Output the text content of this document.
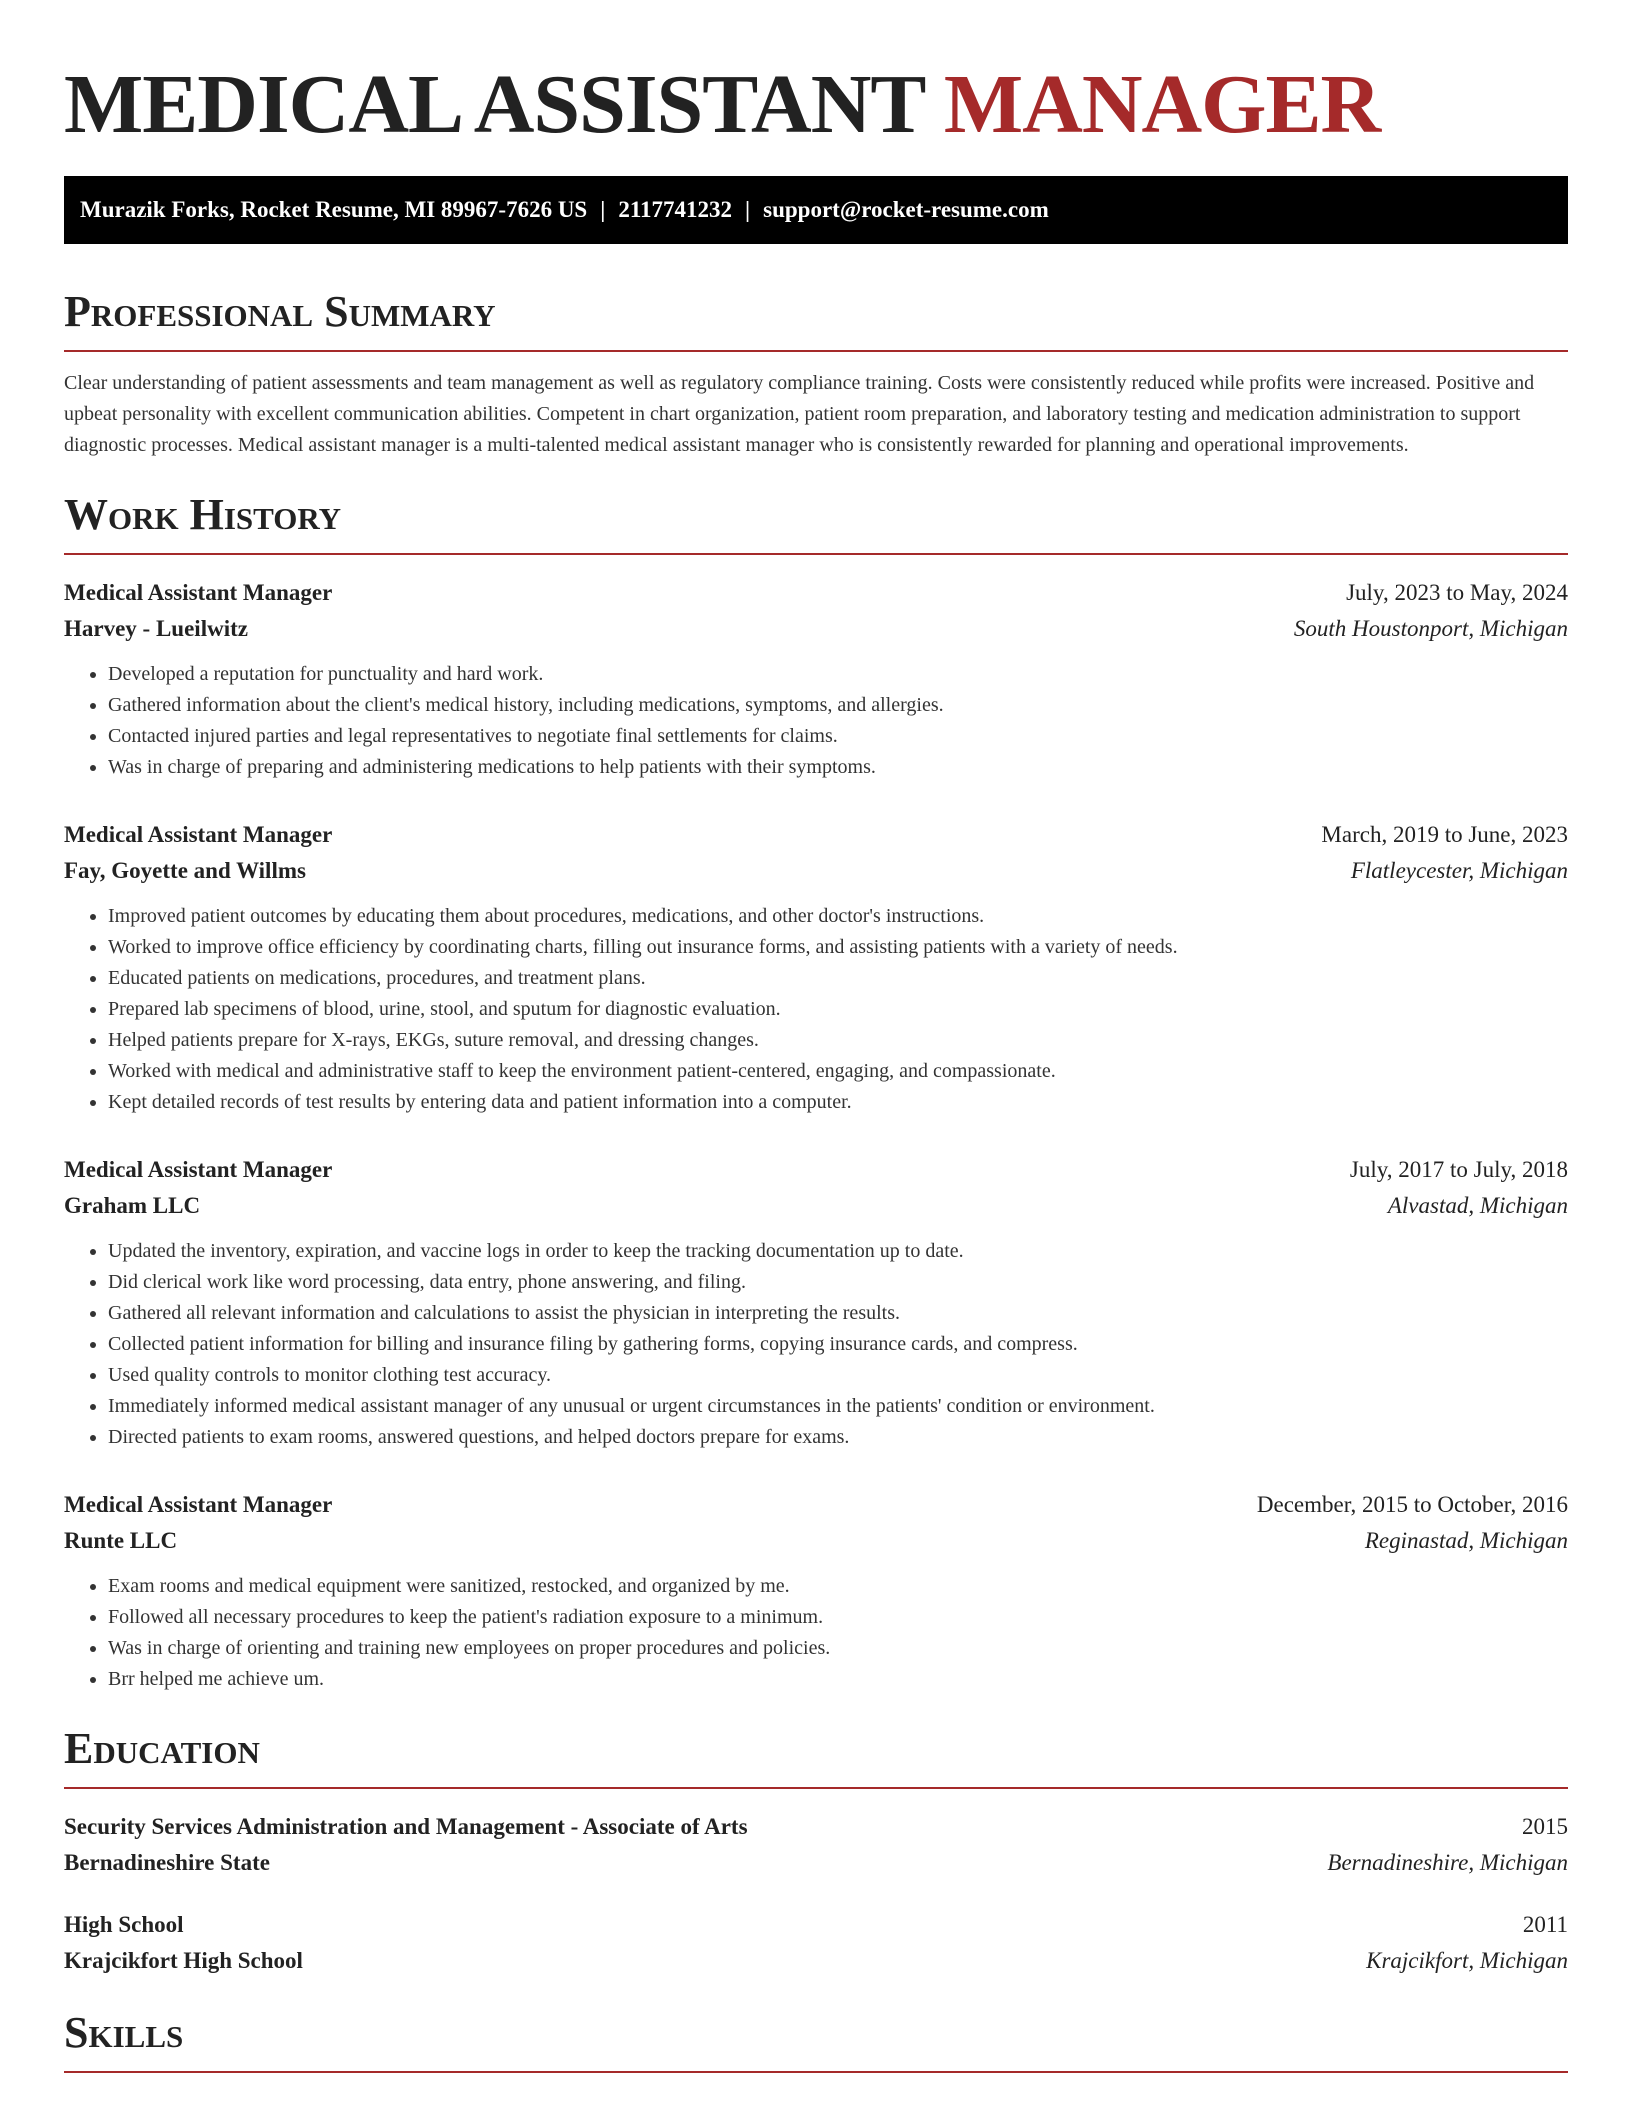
MEDICAL ASSISTANT MANAGER
Murazik Forks, Rocket Resume, MI 89967-7626 US | 2117741232 | support@rocket-resume.com
Professional Summary

Clear understanding of patient assessments and team management as well as regulatory compliance training. Costs were consistently reduced while profits were increased. Positive and upbeat personality with excellent communication abilities. Competent in chart organization, patient room preparation, and laboratory testing and medication administration to support diagnostic processes. Medical assistant manager is a multi-talented medical assistant manager who is consistently rewarded for planning and operational improvements.

Work History
Medical Assistant Manager	July, 2023 to May, 2024
Harvey - Lueilwitz	South Houstonport, Michigan
• Developed a reputation for punctuality and hard work.
• Gathered information about the client's medical history, including medications, symptoms, and allergies.
• Contacted injured parties and legal representatives to negotiate final settlements for claims.
• Was in charge of preparing and administering medications to help patients with their symptoms.
Medical Assistant Manager	March, 2019 to June, 2023
Fay, Goyette and Willms	Flatleycester, Michigan
• Improved patient outcomes by educating them about procedures, medications, and other doctor's instructions.
• Worked to improve office efficiency by coordinating charts, filling out insurance forms, and assisting patients with a variety of needs.
• Educated patients on medications, procedures, and treatment plans.
• Prepared lab specimens of blood, urine, stool, and sputum for diagnostic evaluation.
• Helped patients prepare for X-rays, EKGs, suture removal, and dressing changes.
• Worked with medical and administrative staff to keep the environment patient-centered, engaging, and compassionate.
• Kept detailed records of test results by entering data and patient information into a computer.
Medical Assistant Manager	July, 2017 to July, 2018
Graham LLC	Alvastad, Michigan
• Updated the inventory, expiration, and vaccine logs in order to keep the tracking documentation up to date.
• Did clerical work like word processing, data entry, phone answering, and filing.
• Gathered all relevant information and calculations to assist the physician in interpreting the results.
• Collected patient information for billing and insurance filing by gathering forms, copying insurance cards, and compress.
• Used quality controls to monitor clothing test accuracy.
• Immediately informed medical assistant manager of any unusual or urgent circumstances in the patients' condition or environment.
• Directed patients to exam rooms, answered questions, and helped doctors prepare for exams.
Medical Assistant Manager	December, 2015 to October, 2016
Runte LLC	Reginastad, Michigan
• Exam rooms and medical equipment were sanitized, restocked, and organized by me.
• Followed all necessary procedures to keep the patient's radiation exposure to a minimum.
• Was in charge of orienting and training new employees on proper procedures and policies.
• Brr helped me achieve um.
Education
Security Services Administration and Management - Associate of Arts	2015
Bernadineshire State	Bernadineshire, Michigan
High School	2011
Krajcikfort High School	Krajcikfort, Michigan
Skills
